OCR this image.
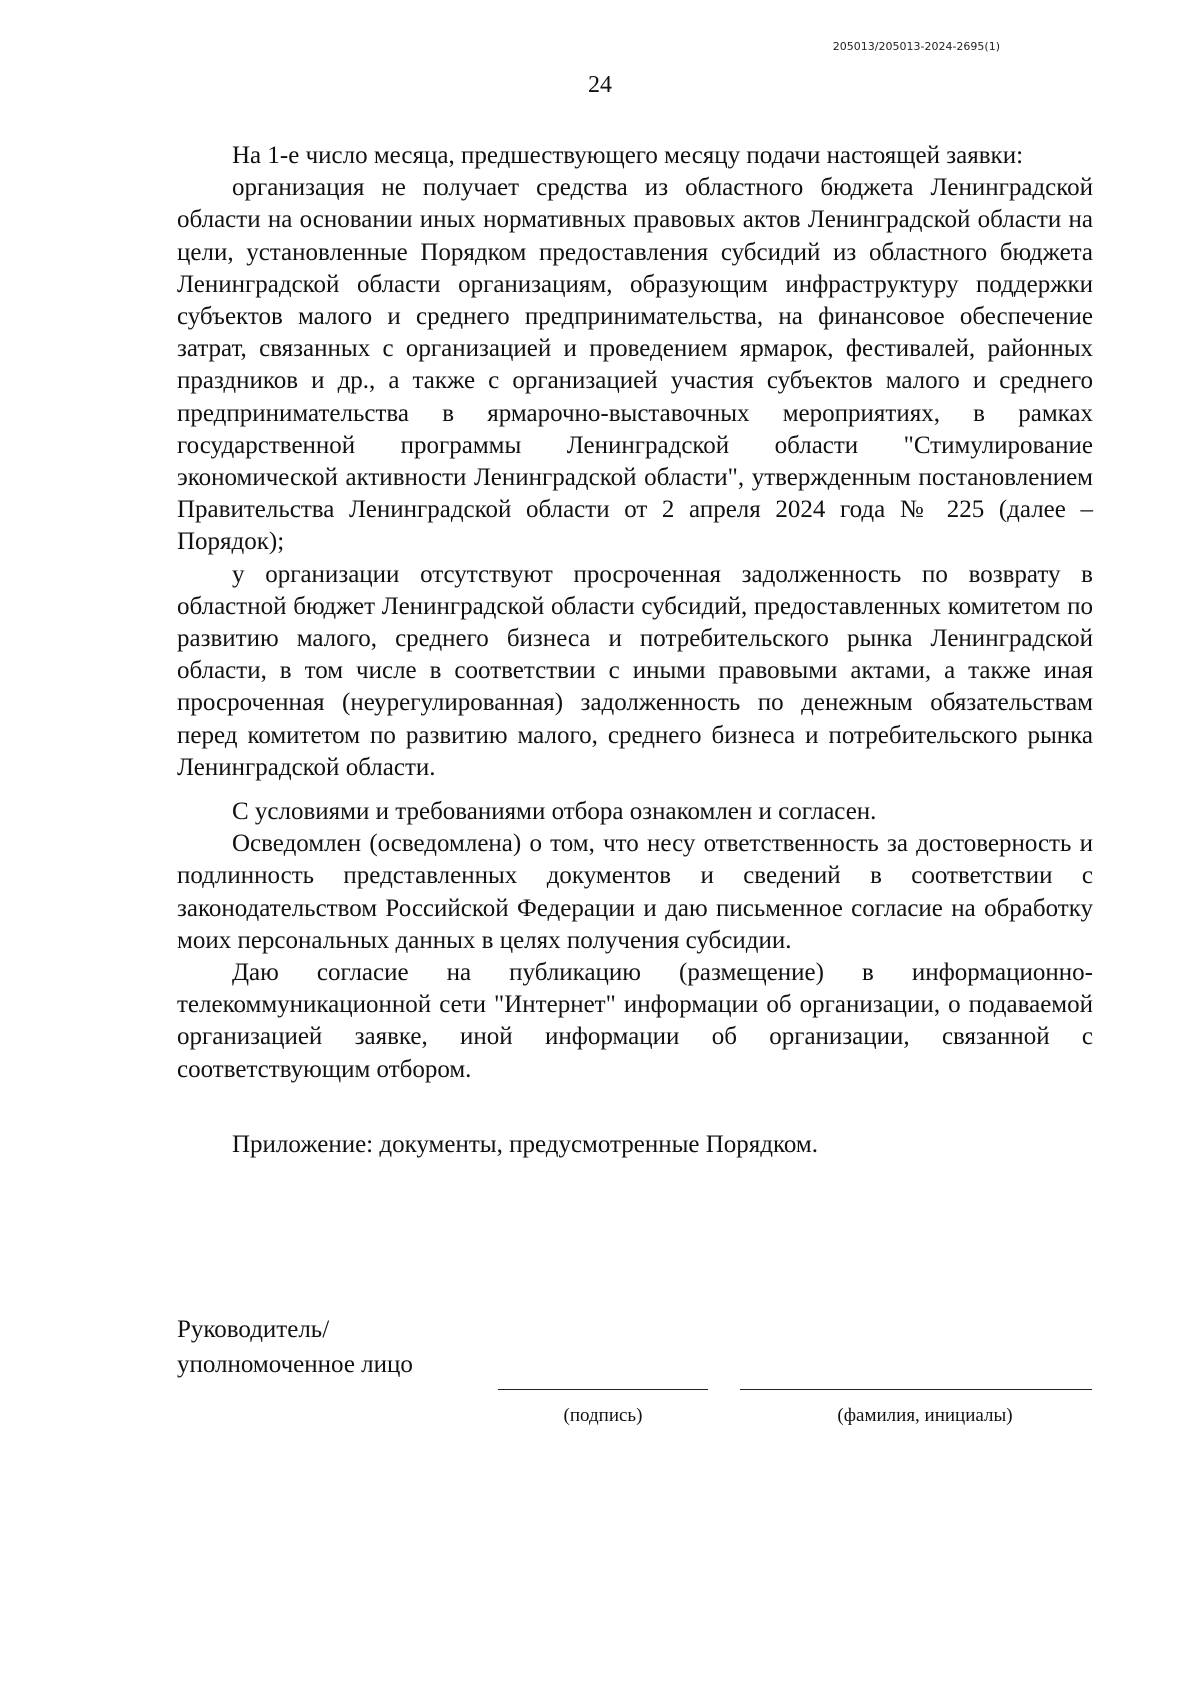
205013/205013-2024-2695(1)
24

На 1-е число месяца, предшествующего месяцу подачи настоящей заявки:

организация не получает средства из областного бюджета Ленинградской области на основании иных нормативных правовых актов Ленинградской области на цели, установленные Порядком предоставления субсидий из областного бюджета Ленинградской области организациям, образующим инфраструктуру поддержки субъектов малого и среднего предпринимательства, на финансовое обеспечение затрат, связанных с организацией и проведением ярмарок, фестивалей, районных праздников и др., а также с организацией участия субъектов малого и среднего предпринимательства в ярмарочно-выставочных мероприятиях, в рамках государственной программы Ленинградской области "Стимулирование экономической активности Ленинградской области", утвержденным постановлением Правительства Ленинградской области от 2 апреля 2024 года № 225 (далее – Порядок);

у организации отсутствуют просроченная задолженность по возврату в областной бюджет Ленинградской области субсидий, предоставленных комитетом по развитию малого, среднего бизнеса и потребительского рынка Ленинградской области, в том числе в соответствии с иными правовыми актами, а также иная просроченная (неурегулированная) задолженность по денежным обязательствам перед комитетом по развитию малого, среднего бизнеса и потребительского рынка Ленинградской области.

С условиями и требованиями отбора ознакомлен и согласен.

Осведомлен (осведомлена) о том, что несу ответственность за достоверность и подлинность представленных документов и сведений в соответствии с законодательством Российской Федерации и даю письменное согласие на обработку моих персональных данных в целях получения субсидии.

Даю согласие на публикацию (размещение) в информационно-телекоммуникационной сети "Интернет" информации об организации, о подаваемой организацией заявке, иной информации об организации, связанной с соответствующим отбором.

Приложение: документы, предусмотренные Порядком.

Руководитель/
уполномоченное лицо
(подпись)	(фамилия, инициалы)
